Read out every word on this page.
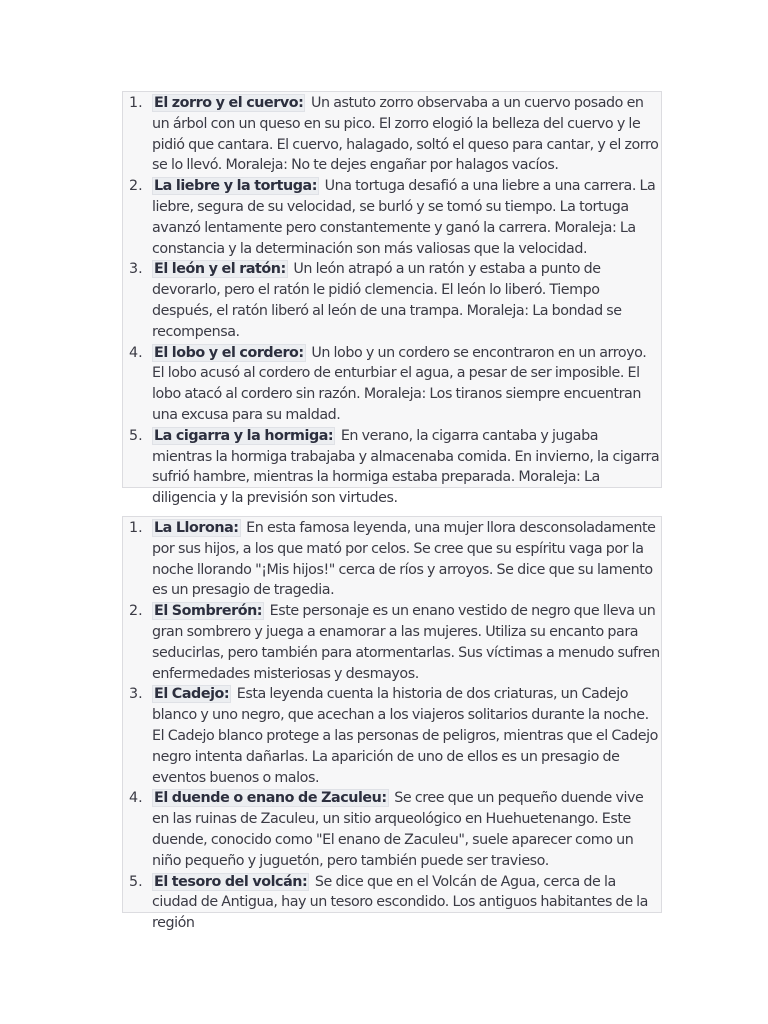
1. El zorro y el cuervo: Un astuto zorro observaba a un cuervo posado en un árbol con un queso en su pico. El zorro elogió la belleza del cuervo y le pidió que cantara. El cuervo, halagado, soltó el queso para cantar, y el zorro se lo llevó. Moraleja: No te dejes engañar por halagos vacíos.
2. La liebre y la tortuga: Una tortuga desafió a una liebre a una carrera. La liebre, segura de su velocidad, se burló y se tomó su tiempo. La tortuga avanzó lentamente pero constantemente y ganó la carrera. Moraleja: La constancia y la determinación son más valiosas que la velocidad.
3. El león y el ratón: Un león atrapó a un ratón y estaba a punto de devorarlo, pero el ratón le pidió clemencia. El león lo liberó. Tiempo después, el ratón liberó al león de una trampa. Moraleja: La bondad se recompensa.
4. El lobo y el cordero: Un lobo y un cordero se encontraron en un arroyo. El lobo acusó al cordero de enturbiar el agua, a pesar de ser imposible. El lobo atacó al cordero sin razón. Moraleja: Los tiranos siempre encuentran una excusa para su maldad.
5. La cigarra y la hormiga: En verano, la cigarra cantaba y jugaba mientras la hormiga trabajaba y almacenaba comida. En invierno, la cigarra sufrió hambre, mientras la hormiga estaba preparada. Moraleja: La diligencia y la previsión son virtudes.
1. La Llorona: En esta famosa leyenda, una mujer llora desconsoladamente por sus hijos, a los que mató por celos. Se cree que su espíritu vaga por la noche llorando "¡Mis hijos!" cerca de ríos y arroyos. Se dice que su lamento es un presagio de tragedia.
2. El Sombrerón: Este personaje es un enano vestido de negro que lleva un gran sombrero y juega a enamorar a las mujeres. Utiliza su encanto para seducirlas, pero también para atormentarlas. Sus víctimas a menudo sufren enfermedades misteriosas y desmayos.
3. El Cadejo: Esta leyenda cuenta la historia de dos criaturas, un Cadejo blanco y uno negro, que acechan a los viajeros solitarios durante la noche. El Cadejo blanco protege a las personas de peligros, mientras que el Cadejo negro intenta dañarlas. La aparición de uno de ellos es un presagio de eventos buenos o malos.
4. El duende o enano de Zaculeu: Se cree que un pequeño duende vive en las ruinas de Zaculeu, un sitio arqueológico en Huehuetenango. Este duende, conocido como "El enano de Zaculeu", suele aparecer como un niño pequeño y juguetón, pero también puede ser travieso.
5. El tesoro del volcán: Se dice que en el Volcán de Agua, cerca de la ciudad de Antigua, hay un tesoro escondido. Los antiguos habitantes de la región
